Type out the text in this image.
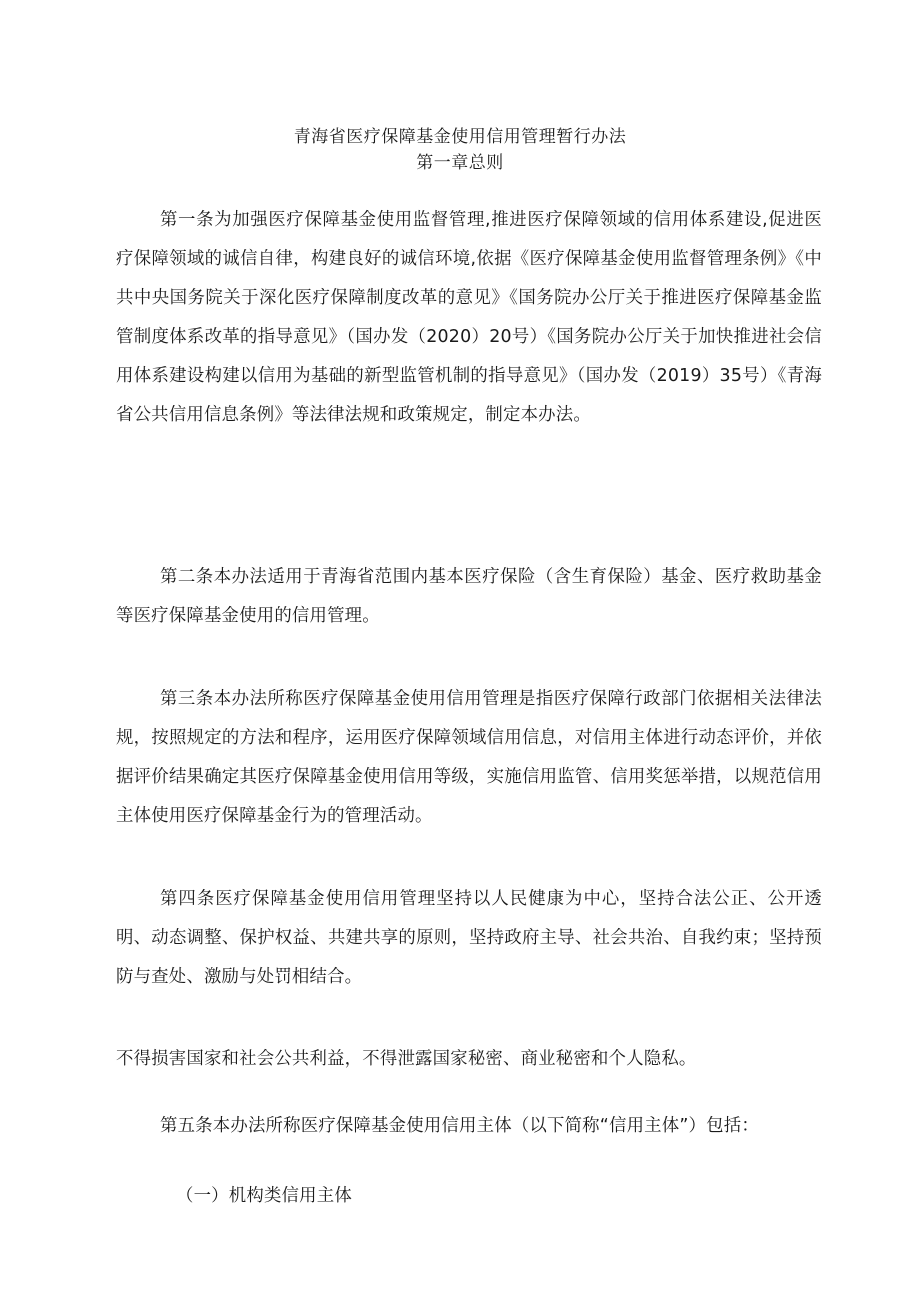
青海省医疗保障基金使用信用管理暂行办法
第一章总则

第一条为加强医疗保障基金使用监督管理,推进医疗保障领域的信用体系建设,促进医疗保障领域的诚信自律，构建良好的诚信环境,依据《医疗保障基金使用监督管理条例》《中共中央国务院关于深化医疗保障制度改革的意见》《国务院办公厅关于推进医疗保障基金监管制度体系改革的指导意见》（国办发（2020）20号）《国务院办公厅关于加快推进社会信用体系建设构建以信用为基础的新型监管机制的指导意见》（国办发（2019）35号）《青海省公共信用信息条例》等法律法规和政策规定，制定本办法。

第二条本办法适用于青海省范围内基本医疗保险（含生育保险）基金、医疗救助基金等医疗保障基金使用的信用管理。

第三条本办法所称医疗保障基金使用信用管理是指医疗保障行政部门依据相关法律法规，按照规定的方法和程序，运用医疗保障领域信用信息，对信用主体进行动态评价，并依据评价结果确定其医疗保障基金使用信用等级，实施信用监管、信用奖惩举措，以规范信用主体使用医疗保障基金行为的管理活动。

第四条医疗保障基金使用信用管理坚持以人民健康为中心，坚持合法公正、公开透明、动态调整、保护权益、共建共享的原则，坚持政府主导、社会共治、自我约束；坚持预防与查处、激励与处罚相结合。

不得损害国家和社会公共利益，不得泄露国家秘密、商业秘密和个人隐私。

第五条本办法所称医疗保障基金使用信用主体（以下简称“信用主体”）包括：

（一）机构类信用主体
